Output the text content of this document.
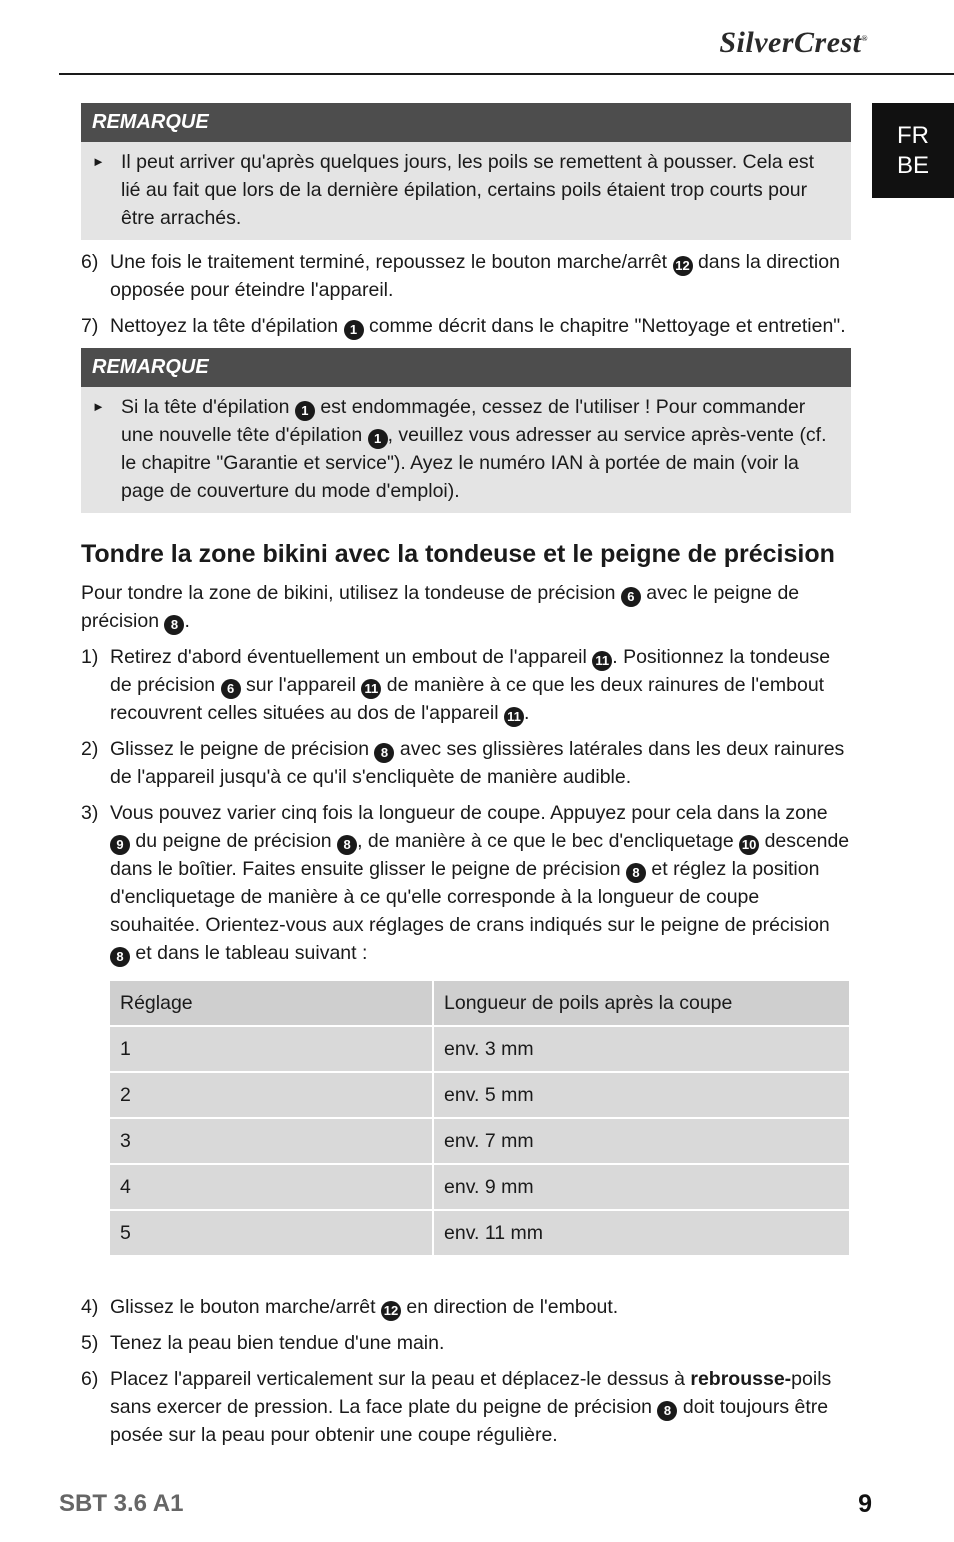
SilverCrest®
FR
BE
REMARQUE
► Il peut arriver qu'après quelques jours, les poils se remettent à pousser. Cela est lié au fait que lors de la dernière épilation, certains poils étaient trop courts pour être arrachés.
6) Une fois le traitement terminé, repoussez le bouton marche/arrêt 12 dans la direction opposée pour éteindre l'appareil.
7) Nettoyez la tête d'épilation 1 comme décrit dans le chapitre "Nettoyage et entretien".
REMARQUE
► Si la tête d'épilation 1 est endommagée, cessez de l'utiliser ! Pour commander une nouvelle tête d'épilation 1 , veuillez vous adresser au service après-vente (cf. le chapitre "Garantie et service"). Ayez le numéro IAN à portée de main (voir la page de couverture du mode d'emploi).
Tondre la zone bikini avec la tondeuse et le peigne de précision

Pour tondre la zone de bikini, utilisez la tondeuse de précision 6 avec le peigne de précision 8 .

1) Retirez d'abord éventuellement un embout de l'appareil 11 . Positionnez la tondeuse de précision 6 sur l'appareil 11 de manière à ce que les deux rainures de l'embout recouvrent celles situées au dos de l'appareil 11 .
2) Glissez le peigne de précision 8 avec ses glissières latérales dans les deux rainures de l'appareil jusqu'à ce qu'il s'encliquète de manière audible.
3) Vous pouvez varier cinq fois la longueur de coupe. Appuyez pour cela dans la zone 9 du peigne de précision 8 , de manière à ce que le bec d'encliquetage 10 descende dans le boîtier. Faites ensuite glisser le peigne de précision 8 et réglez la position d'encliquetage de manière à ce qu'elle corresponde à la longueur de coupe souhaitée. Orientez-vous aux réglages de crans indiqués sur le peigne de précision 8 et dans le tableau suivant :
Réglage	Longueur de poils après la coupe
1	env. 3 mm
2	env. 5 mm
3	env. 7 mm
4	env. 9 mm
5	env. 11 mm
4) Glissez le bouton marche/arrêt 12 en direction de l'embout.
5) Tenez la peau bien tendue d'une main.
6) Placez l'appareil verticalement sur la peau et déplacez-le dessus à rebrousse-poils sans exercer de pression. La face plate du peigne de précision 8 doit toujours être posée sur la peau pour obtenir une coupe régulière.
SBT 3.6 A1	9
